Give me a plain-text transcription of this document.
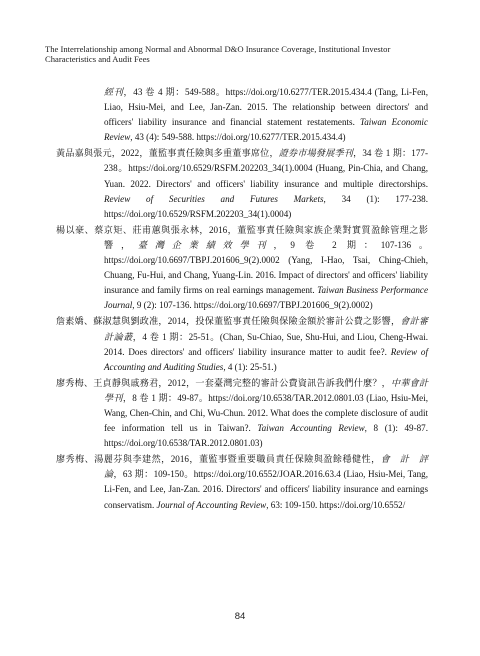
The Interrelationship among Normal and Abnormal D&O Insurance Coverage, Institutional Investor
Characteristics and Audit Fees
經刊，43 卷 4 期：549-588。https://doi.org/10.6277/TER.2015.434.4 (Tang, Li-Fen, Liao, Hsiu-Mei, and Lee, Jan-Zan. 2015. The relationship between directors' and officers' liability insurance and financial statement restatements. Taiwan Economic Review, 43 (4): 549-588. https://doi.org/10.6277/TER.2015.434.4)
黃品嘉與張元，2022，董監事責任險與多重董事席位，證券市場發展季刊，34 卷 1 期：177-238。https://doi.org/10.6529/RSFM.202203_34(1).0004 (Huang, Pin-Chia, and Chang, Yuan. 2022. Directors' and officers' liability insurance and multiple directorships. Review of Securities and Futures Markets, 34 (1): 177-238. https://doi.org/10.6529/RSFM.202203_34(1).0004)
楊以豪、蔡京矩、莊甫蕙與張永林，2016，董監事責任險與家族企業對實質盈餘管理之影響，臺灣企業績效學刊，9 卷 2 期：107-136。https://doi.org/10.6697/TBPJ.201606_9(2).0002 (Yang, I-Hao, Tsai, Ching-Chieh, Chuang, Fu-Hui, and Chang, Yuang-Lin. 2016. Impact of directors' and officers' liability insurance and family firms on real earnings management. Taiwan Business Performance Journal, 9 (2): 107-136. https://doi.org/10.6697/TBPJ.201606_9(2).0002)
詹素嬌、蘇淑慧與劉政准，2014，投保董監事責任險與保險金額於審計公費之影響，會計審計論叢，4 卷 1 期：25-51。(Chan, Su-Chiao, Sue, Shu-Hui, and Liou, Cheng-Hwai. 2014. Does directors' and officers' liability insurance matter to audit fee?. Review of Accounting and Auditing Studies, 4 (1): 25-51.)
廖秀梅、王貞靜與戚務君，2012，一套臺灣完整的審計公費資訊告訴我們什麼？，中華會計學刊，8 卷 1 期：49-87。https://doi.org/10.6538/TAR.2012.0801.03 (Liao, Hsiu-Mei, Wang, Chen-Chin, and Chi, Wu-Chun. 2012. What does the complete disclosure of audit fee information tell us in Taiwan?. Taiwan Accounting Review, 8 (1): 49-87. https://doi.org/10.6538/TAR.2012.0801.03)
廖秀梅、湯麗芬與李建然，2016，董監事暨重要職員責任保險與盈餘穩健性，會　計　評　論，63 期：109-150。https://doi.org/10.6552/JOAR.2016.63.4 (Liao, Hsiu-Mei, Tang, Li-Fen, and Lee, Jan-Zan. 2016. Directors' and officers' liability insurance and earnings conservatism. Journal of Accounting Review, 63: 109-150. https://doi.org/10.6552/
84
